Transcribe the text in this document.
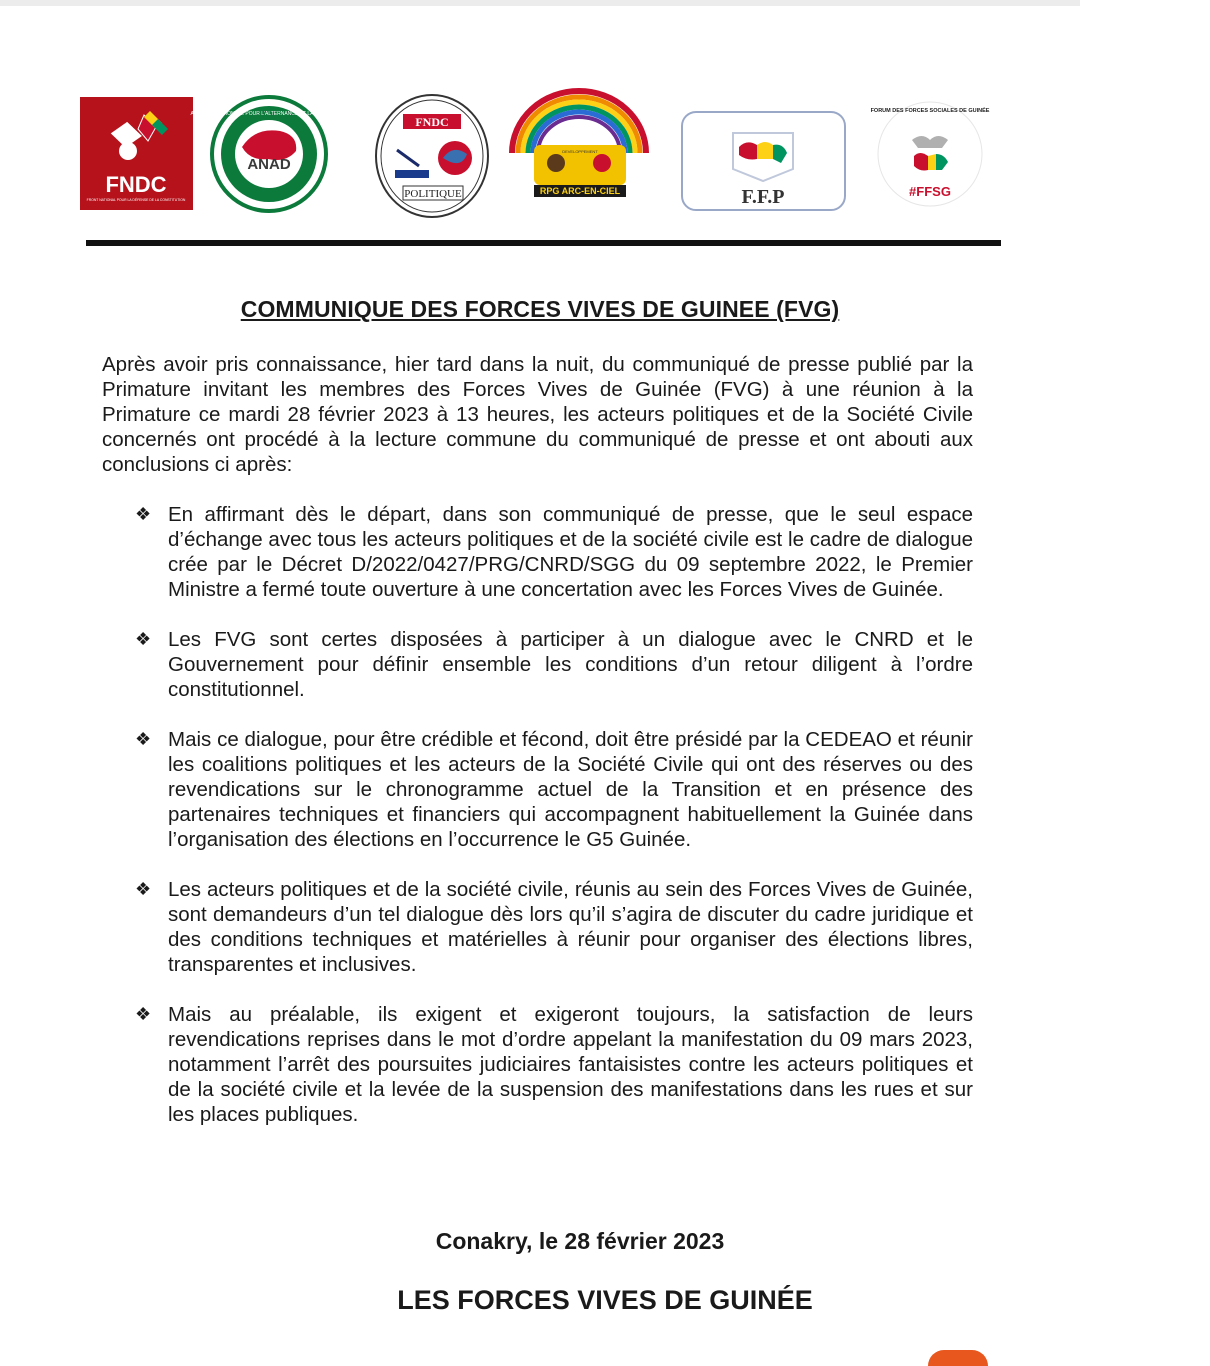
FNDC
FRONT NATIONAL POUR LA DÉFENSE DE LA CONSTITUTION
ALLIANCE NATIONALE POUR L'ALTERNANCE ET LA DÉMOCRATIE
ANAD
FNDC
POLITIQUE
DEVELOPPEMENT
RPG ARC-EN-CIEL	F.F.P
FORUM DES FORCES SOCIALES DE GUINÉE
#FFSG
COMMUNIQUE DES FORCES VIVES DE GUINEE (FVG)
Après avoir pris connaissance, hier tard dans la nuit, du communiqué de presse publié par la Primature invitant les membres des Forces Vives de Guinée (FVG) à une réunion à la Primature ce mardi 28 février 2023 à 13 heures, les acteurs politiques et de la Société Civile concernés ont procédé à la lecture commune du communiqué de presse et ont abouti aux conclusions ci après:
❖ En affirmant dès le départ, dans son communiqué de presse, que le seul espace d’échange avec tous les acteurs politiques et de la société civile est le cadre de dialogue crée par le Décret D/2022/0427/PRG/CNRD/SGG du 09 septembre 2022, le Premier Ministre a fermé toute ouverture à une concertation avec les Forces Vives de Guinée.
❖ Les FVG sont certes disposées à participer à un dialogue avec le CNRD et le Gouvernement pour définir ensemble les conditions d’un retour diligent à l’ordre constitutionnel.
❖ Mais ce dialogue, pour être crédible et fécond, doit être présidé par la CEDEAO et réunir les coalitions politiques et les acteurs de la Société Civile qui ont des réserves ou des revendications sur le chronogramme actuel de la Transition et en présence des partenaires techniques et financiers qui accompagnent habituellement la Guinée dans l’organisation des élections en l’occurrence le G5 Guinée.
❖ Les acteurs politiques et de la société civile, réunis au sein des Forces Vives de Guinée, sont demandeurs d’un tel dialogue dès lors qu’il s’agira de discuter du cadre juridique et des conditions techniques et matérielles à réunir pour organiser des élections libres, transparentes et inclusives.
❖ Mais au préalable, ils exigent et exigeront toujours, la satisfaction de leurs revendications reprises dans le mot d’ordre appelant la manifestation du 09 mars 2023, notamment l’arrêt des poursuites judiciaires fantaisistes contre les acteurs politiques et de la société civile et la levée de la suspension des manifestations dans les rues et sur les places publiques.
Conakry, le 28 février 2023
LES FORCES VIVES DE GUINÉE
